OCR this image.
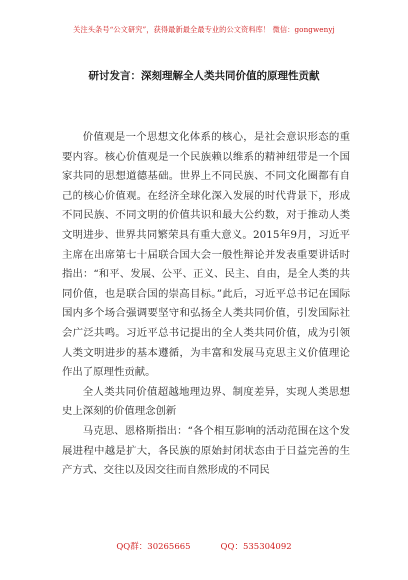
关注头条号“公文研究”，获得最新最全最专业的公文资料库！ 微信：gongwenyj
研讨发言：深刻理解全人类共同价值的原理性贡献

价值观是一个思想文化体系的核心，是社会意识形态的重要内容。核心价值观是一个民族赖以维系的精神纽带是一个国家共同的思想道德基础。世界上不同民族、不同文化圈都有自己的核心价值观。在经济全球化深入发展的时代背景下，形成不同民族、不同文明的价值共识和最大公约数，对于推动人类文明进步、世界共同繁荣具有重大意义。2015年9月，习近平主席在出席第七十届联合国大会一般性辩论并发表重要讲话时指出：“和平、发展、公平、正义、民主、自由，是全人类的共同价值，也是联合国的崇高目标。”此后，习近平总书记在国际国内多个场合强调要坚守和弘扬全人类共同价值，引发国际社会广泛共鸣。习近平总书记提出的全人类共同价值，成为引领人类文明进步的基本遵循，为丰富和发展马克思主义价值理论作出了原理性贡献。

全人类共同价值超越地理边界、制度差异，实现人类思想史上深刻的价值理念创新

马克思、恩格斯指出：“各个相互影响的活动范围在这个发展进程中越是扩大，各民族的原始封闭状态由于日益完善的生产方式、交往以及因交往而自然形成的不同民

QQ群：30265665	QQ：535304092
